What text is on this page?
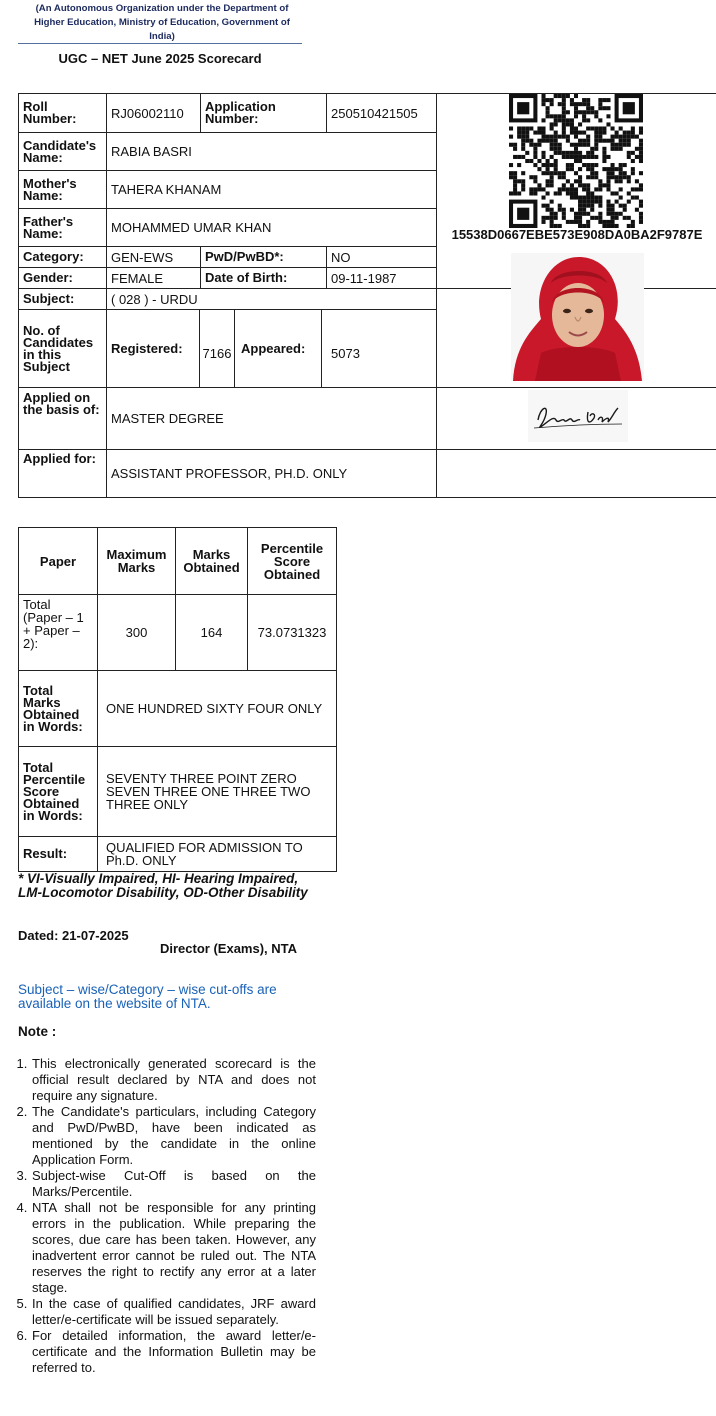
(An Autonomous Organization under the Department of Higher Education, Ministry of Education, Government of India)
UGC – NET June 2025 Scorecard
Roll Number:	RJ06002110	Application Number:	250510421505	
Candidate's Name:	RABIA BASRI			
Mother's Name:	TAHERA KHANAM			
Father's Name:	MOHAMMED UMAR KHAN			
Category:	GEN-EWS	PwD/PwBD*:	NO	
Gender:	FEMALE	Date of Birth:	09-11-1987	
Subject:	( 028 ) - URDU			
No. of Candidates in this Subject	Registered: 7166 Appeared: 5073			

Applied on the basis of:	MASTER DEGREE			
Applied for:	ASSISTANT PROFESSOR, PH.D. ONLY			
15538D0667EBE573E908DA0BA2F9787E
Paper	Maximum Marks	Marks Obtained	Percentile Score Obtained
Total (Paper – 1 + Paper – 2):	300	164	73.0731323
Total Marks Obtained in Words:	ONE HUNDRED SIXTY FOUR ONLY		
Total Percentile Score Obtained in Words:	SEVENTY THREE POINT ZERO SEVEN THREE ONE THREE TWO THREE ONLY		
Result:	QUALIFIED FOR ADMISSION TO Ph.D. ONLY		
* VI-Visually Impaired, HI- Hearing Impaired, LM-Locomotor Disability, OD-Other Disability
Dated: 21-07-2025
Director (Exams), NTA
Subject – wise/Category – wise cut-offs are available on the website of NTA.
Note :
1. This electronically generated scorecard is the official result declared by NTA and does not require any signature.
2. The Candidate's particulars, including Category and PwD/PwBD, have been indicated as mentioned by the candidate in the online Application Form.
3. Subject-wise Cut-Off is based on the Marks/Percentile.
4. NTA shall not be responsible for any printing errors in the publication. While preparing the scores, due care has been taken. However, any inadvertent error cannot be ruled out. The NTA reserves the right to rectify any error at a later stage.
5. In the case of qualified candidates, JRF award letter/e-certificate will be issued separately.
6. For detailed information, the award letter/e-certificate and the Information Bulletin may be referred to.
